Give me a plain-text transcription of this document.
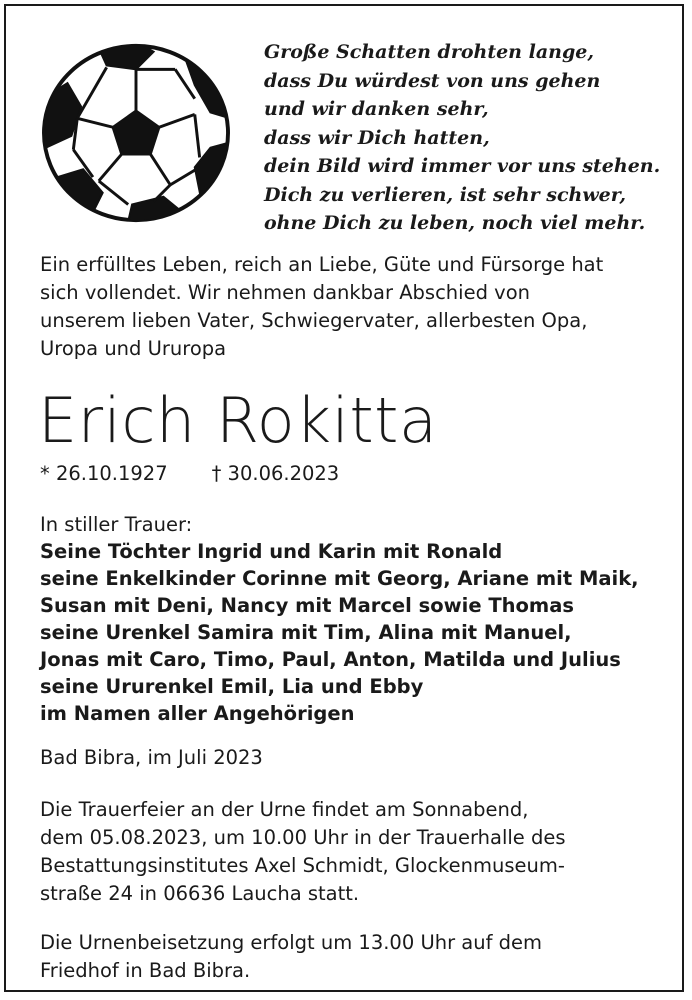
Große Schatten drohten lange,
dass Du würdest von uns gehen
und wir danken sehr,
dass wir Dich hatten,
dein Bild wird immer vor uns stehen.
Dich zu verlieren, ist sehr schwer,
ohne Dich zu leben, noch viel mehr.
Ein erfülltes Leben, reich an Liebe, Güte und Fürsorge hat
sich vollendet. Wir nehmen dankbar Abschied von
unserem lieben Vater, Schwiegervater, allerbesten Opa,
Uropa und Ururopa
Erich Rokitta
* 26.10.1927 † 30.06.2023
In stiller Trauer:
Seine Töchter Ingrid und Karin mit Ronald
seine Enkelkinder Corinne mit Georg, Ariane mit Maik,
Susan mit Deni, Nancy mit Marcel sowie Thomas
seine Urenkel Samira mit Tim, Alina mit Manuel,
Jonas mit Caro, Timo, Paul, Anton, Matilda und Julius
seine Ururenkel Emil, Lia und Ebby
im Namen aller Angehörigen
Bad Bibra, im Juli 2023
Die Trauerfeier an der Urne findet am Sonnabend,
dem 05.08.2023, um 10.00 Uhr in der Trauerhalle des
Bestattungsinstitutes Axel Schmidt, Glockenmuseum-
straße 24 in 06636 Laucha statt.
Die Urnenbeisetzung erfolgt um 13.00 Uhr auf dem
Friedhof in Bad Bibra.
